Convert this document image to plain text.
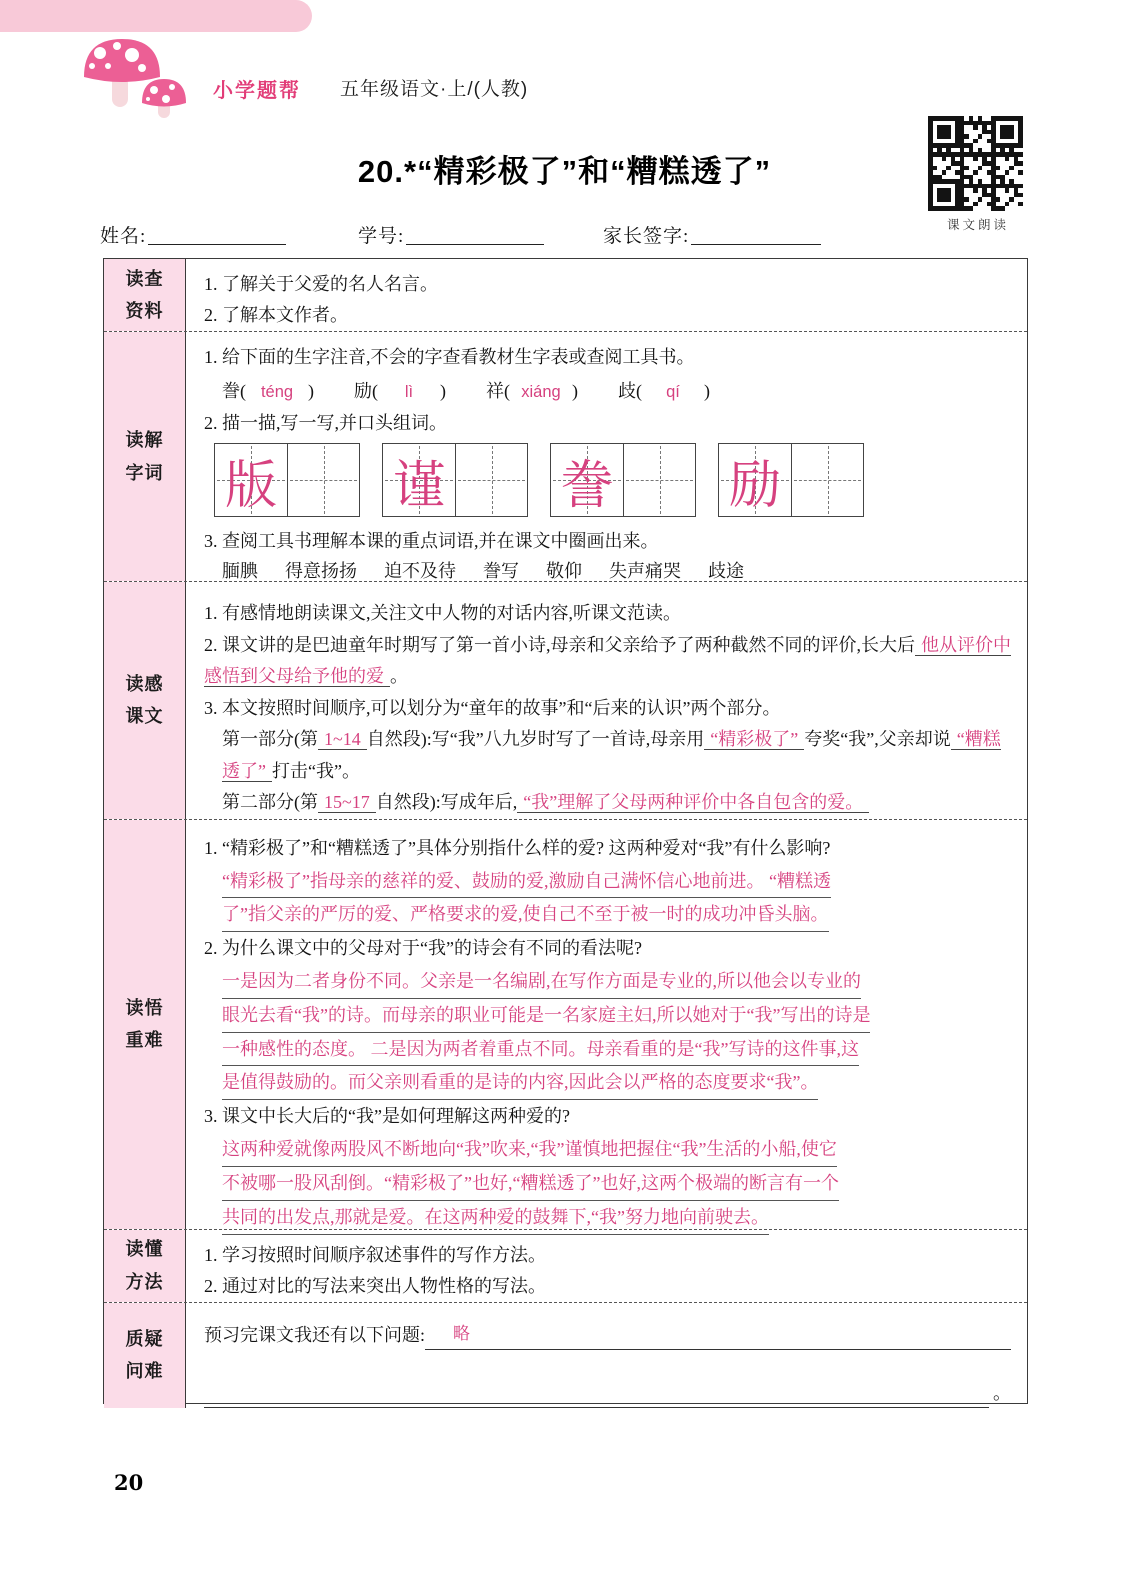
小学题帮 五年级语文·上/(人教)
20.*“精彩极了”和“糟糕透了”
课文朗读
姓名:	学号:	家长签字:
读查资料

1. 了解关于父爱的名人名言。

2. 了解本文作者。

读解字词

1. 给下面的生字注音,不会的字查看教材生字表或查阅工具书。

誊( téng ) 励( lì ) 祥( xiáng ) 歧( qí )

2. 描一描,写一写,并口头组词。

版 谨 誊 励

3. 查阅工具书理解本课的重点词语,并在课文中圈画出来。

腼腆 得意扬扬 迫不及待 誊写 敬仰 失声痛哭 歧途
读感课文

1. 有感情地朗读课文,关注文中人物的对话内容,听课文范读。

2. 课文讲的是巴迪童年时期写了第一首小诗,母亲和父亲给予了两种截然不同的评价,长大后 他从评价中感悟到父母给予他的爱 。

3. 本文按照时间顺序,可以划分为“童年的故事”和“后来的认识”两个部分。

第一部分(第 1~14 自然段):写“我”八九岁时写了一首诗,母亲用 “精彩极了” 夸奖“我”,父亲却说 “糟糕透了” 打击“我”。

第二部分(第 15~17 自然段):写成年后, “我”理解了父母两种评价中各自包含的爱。

读悟重难

1. “精彩极了”和“糟糕透了”具体分别指什么样的爱? 这两种爱对“我”有什么影响?

“精彩极了”指母亲的慈祥的爱、鼓励的爱,激励自己满怀信心地前进。 “糟糕透
了”指父亲的严厉的爱、严格要求的爱,使自己不至于被一时的成功冲昏头脑。

2. 为什么课文中的父母对于“我”的诗会有不同的看法呢?

一是因为二者身份不同。父亲是一名编剧,在写作方面是专业的,所以他会以专业的
眼光去看“我”的诗。而母亲的职业可能是一名家庭主妇,所以她对于“我”写出的诗是
一种感性的态度。 二是因为两者着重点不同。母亲看重的是“我”写诗的这件事,这
是值得鼓励的。而父亲则看重的是诗的内容,因此会以严格的态度要求“我”。

3. 课文中长大后的“我”是如何理解这两种爱的?

这两种爱就像两股风不断地向“我”吹来,“我”谨慎地把握住“我”生活的小船,使它
不被哪一股风刮倒。“精彩极了”也好,“糟糕透了”也好,这两个极端的断言有一个
共同的出发点,那就是爱。在这两种爱的鼓舞下,“我”努力地向前驶去。
读懂方法

1. 学习按照时间顺序叙述事件的写作方法。

2. 通过对比的写法来突出人物性格的写法。

质疑问难
预习完课文我还有以下问题:	略
。
20
